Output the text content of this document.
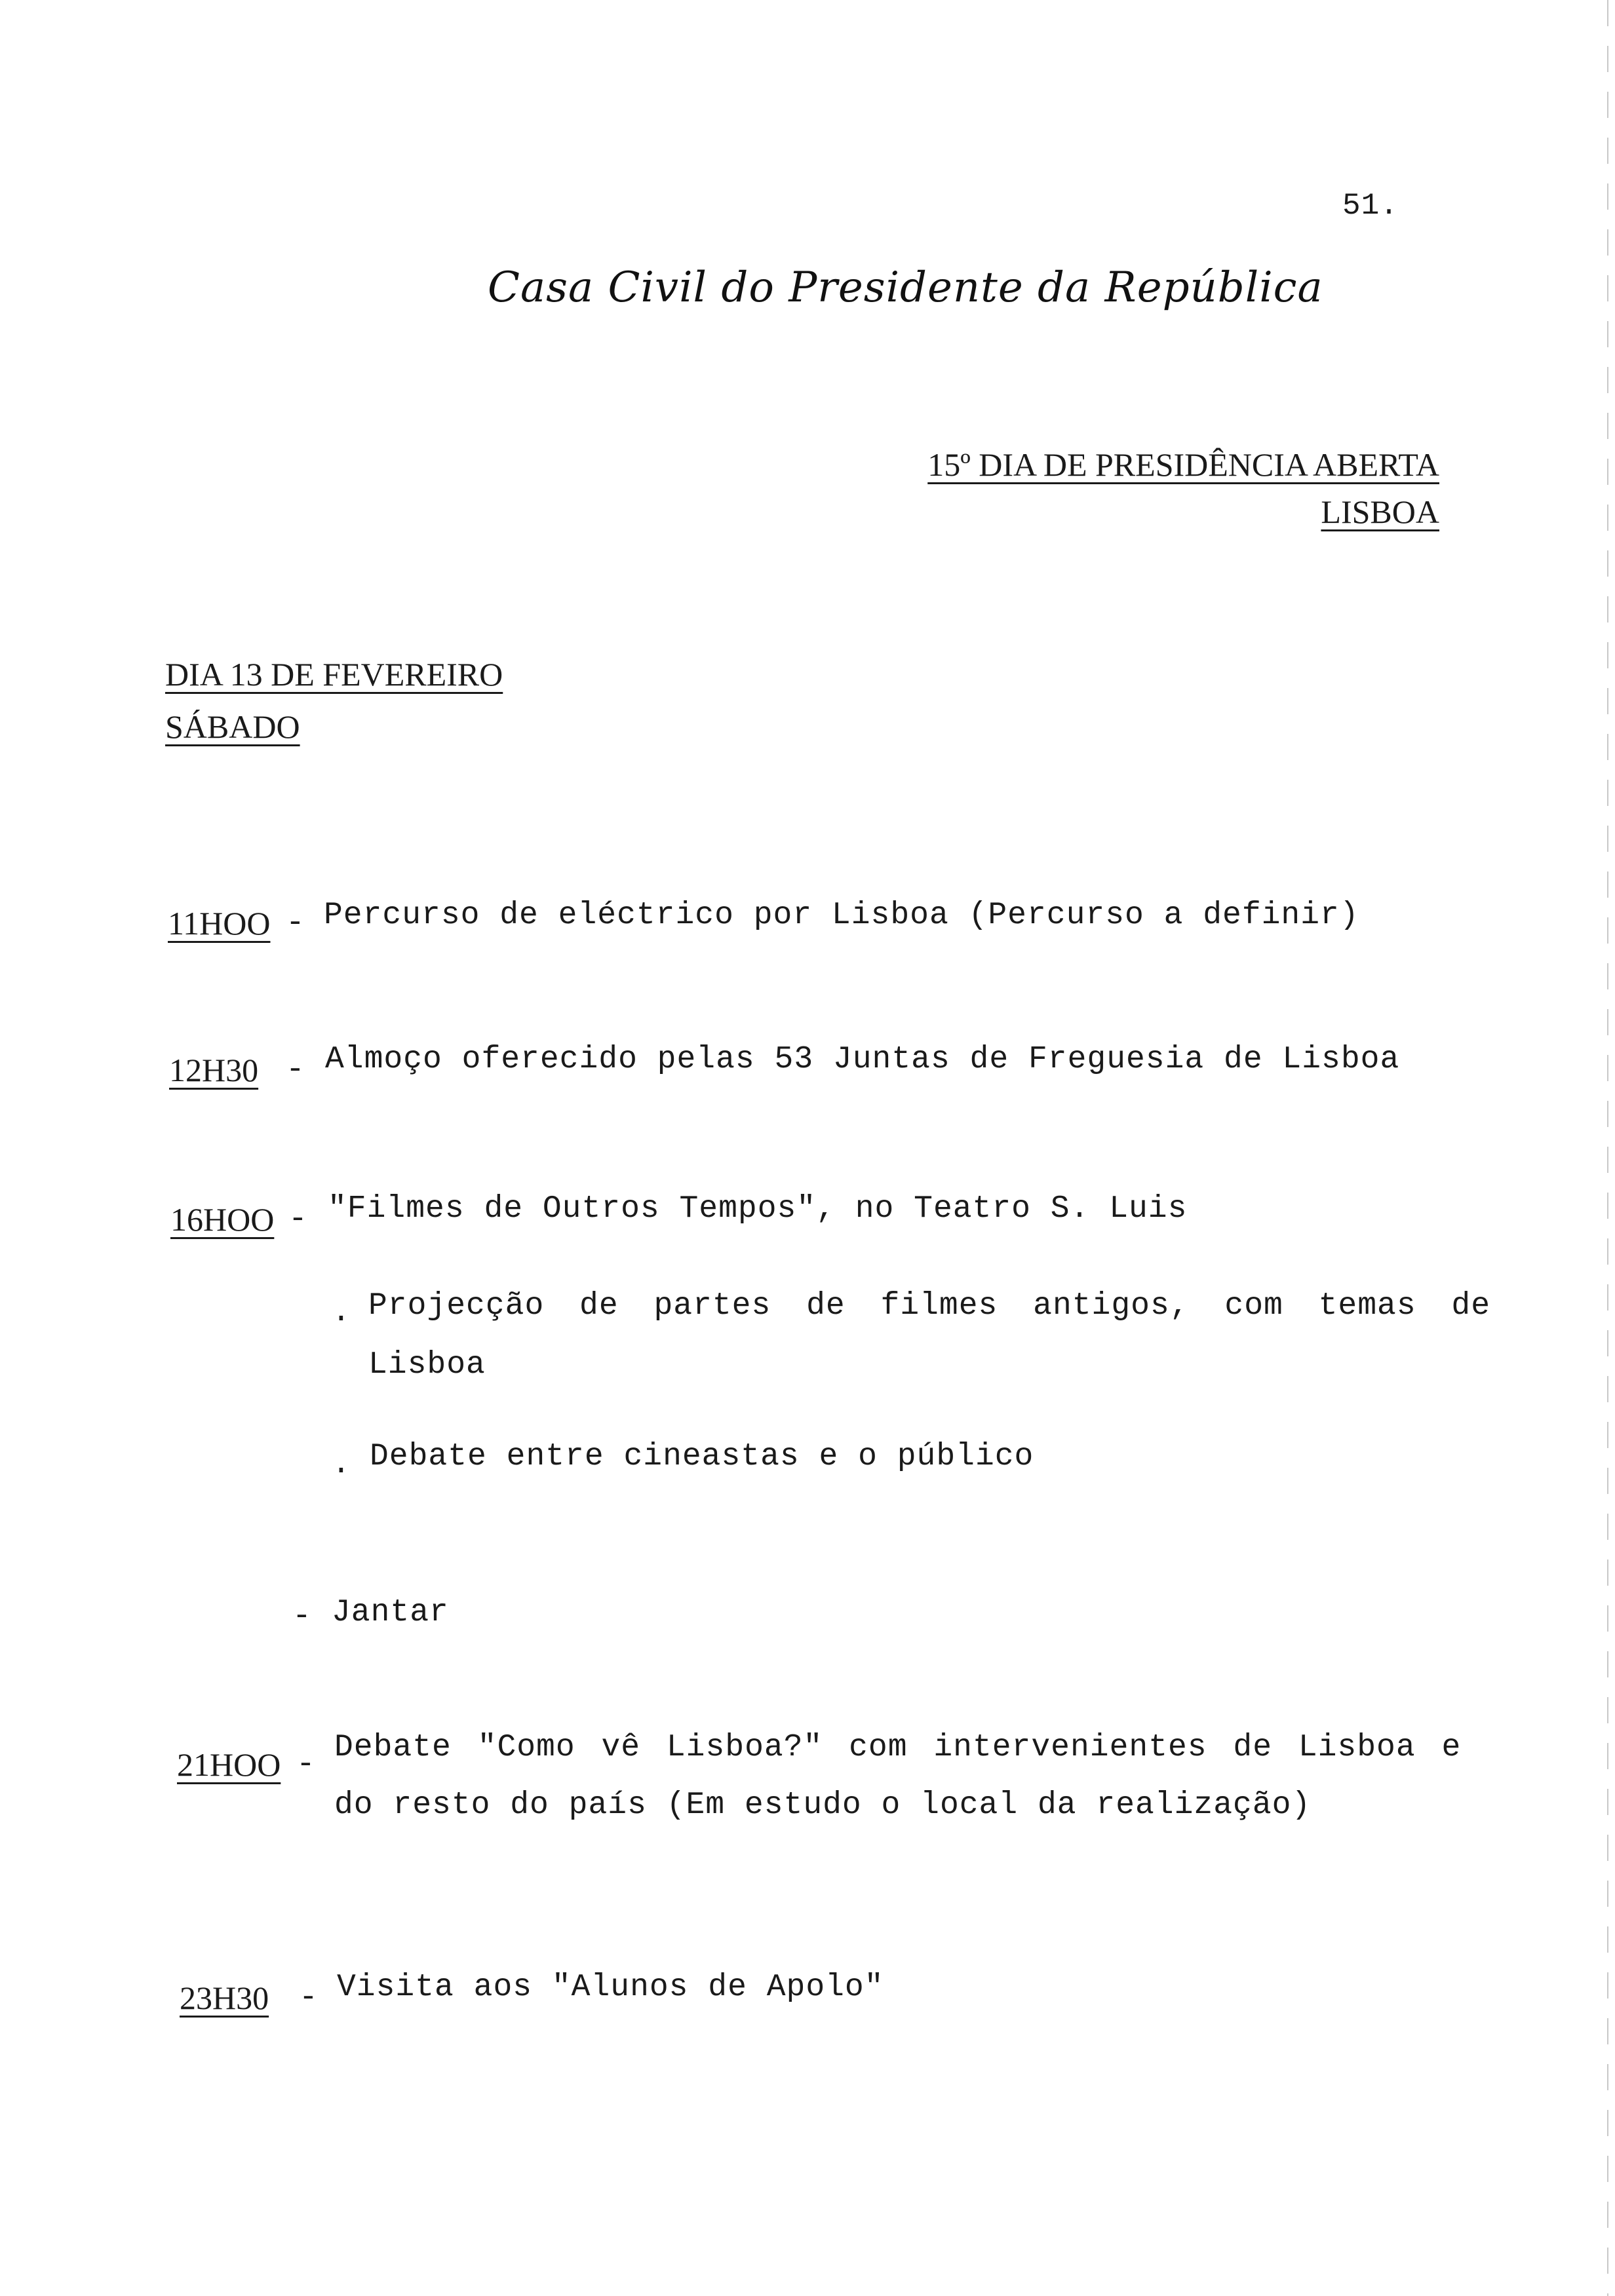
51.
Casa Civil do Presidente da República
15º DIA DE PRESIDÊNCIA ABERTA
LISBOA
DIA 13 DE FEVEREIRO
SÁBADO
11HOO - Percurso de eléctrico por Lisboa (Percurso a definir)
12H30 - Almoço oferecido pelas 53 Juntas de Freguesia de Lisboa
16HOO - "Filmes de Outros Tempos", no Teatro S. Luis
. Projecção de partes de filmes antigos, com temas de
Lisboa
. Debate entre cineastas e o público
- Jantar
21HOO - Debate "Como vê Lisboa?" com intervenientes de Lisboa e
do resto do país (Em estudo o local da realização)
23H30 - Visita aos "Alunos de Apolo"
